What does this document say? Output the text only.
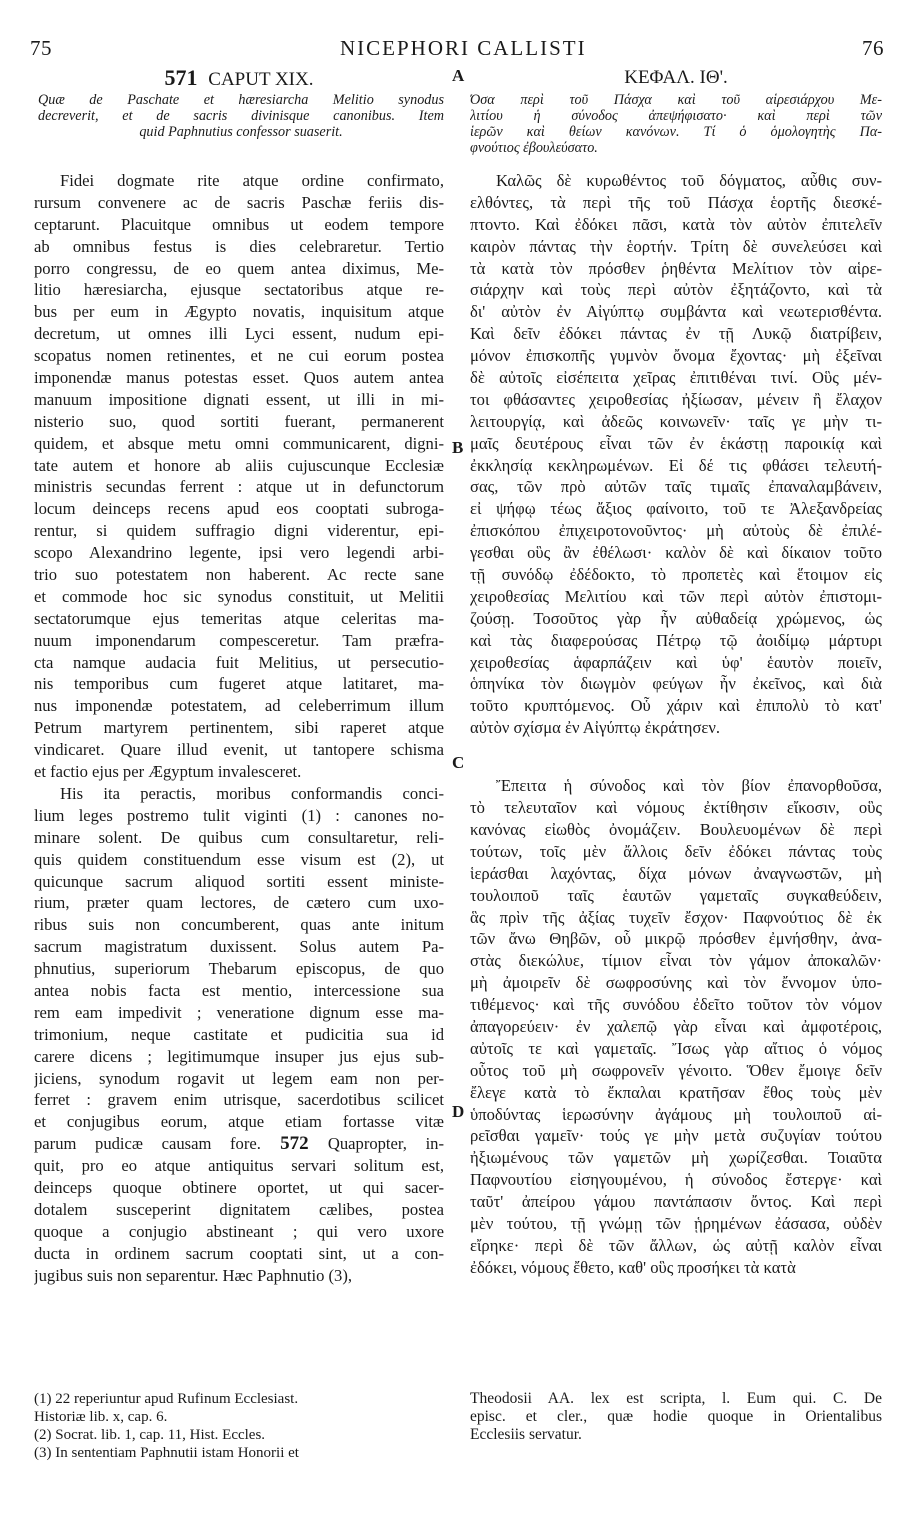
75	NICEPHORI CALLISTI	76
A
B
C
D
571 CAPUT XIX.

Quæ de Paschate et hæresiarcha Melitio synodus

decreverit, et de sacris divinisque canonibus. Item

quid Paphnutius confessor suaserit.

Fidei dogmate rite atque ordine confirmato,
rursum convenere ac de sacris Paschæ feriis dis-
ceptarunt. Placuitque omnibus ut eodem tempore
ab omnibus festus is dies celebraretur. Tertio
porro congressu, de eo quem antea diximus, Me-
litio hæresiarcha, ejusque sectatoribus atque re-
bus per eum in Ægypto novatis, inquisitum atque
decretum, ut omnes illi Lyci essent, nudum epi-
scopatus nomen retinentes, et ne cui eorum postea
imponendæ manus potestas esset. Quos autem antea
manuum impositione dignati essent, ut illi in mi-
nisterio suo, quod sortiti fuerant, permanerent
quidem, et absque metu omni communicarent, digni-
tate autem et honore ab aliis cujuscunque Ecclesiæ
ministris secundas ferrent : atque ut in defunctorum
locum deinceps recens apud eos cooptati subroga-
rentur, si quidem suffragio digni viderentur, epi-
scopo Alexandrino legente, ipsi vero legendi arbi-
trio suo potestatem non haberent. Ac recte sane
et commode hoc sic synodus constituit, ut Melitii
sectatorumque ejus temeritas atque celeritas ma-
nuum imponendarum compesceretur. Tam præfra-
cta namque audacia fuit Melitius, ut persecutio-
nis temporibus cum fugeret atque latitaret, ma-
nus imponendæ potestatem, ad celeberrimum illum
Petrum martyrem pertinentem, sibi raperet atque
vindicaret. Quare illud evenit, ut tantopere schisma
et factio ejus per Ægyptum invalesceret.
His ita peractis, moribus conformandis conci-
lium leges postremo tulit viginti (1) : canones no-
minare solent. De quibus cum consultaretur, reli-
quis quidem constituendum esse visum est (2), ut
quicunque sacrum aliquod sortiti essent ministe-
rium, præter quam lectores, de cætero cum uxo-
ribus suis non concumberent, quas ante initum
sacrum magistratum duxissent. Solus autem Pa-
phnutius, superiorum Thebarum episcopus, de quo
antea nobis facta est mentio, intercessione sua
rem eam impedivit ; veneratione dignum esse ma-
trimonium, neque castitate et pudicitia sua id
carere dicens ; legitimumque insuper jus ejus sub-
jiciens, synodum rogavit ut legem eam non per-
ferret : gravem enim utrisque, sacerdotibus scilicet
et conjugibus eorum, atque etiam fortasse vitæ
parum pudicæ causam fore. 572 Quapropter, in-
quit, pro eo atque antiquitus servari solitum est,
deinceps quoque obtinere oportet, ut qui sacer-
dotalem susceperint dignitatem cælibes, postea
quoque a conjugio abstineant ; qui vero uxore
ducta in ordinem sacrum cooptati sint, ut a con-
jugibus suis non separentur. Hæc Paphnutio (3),
ΚΕΦΑΛ. ΙΘ'.

Όσα περὶ τοῦ Πάσχα καὶ τοῦ αἱρεσιάρχου Με-

λιτίου ἡ σύνοδος ἀπεψήφισατο· καὶ περὶ τῶν

ἱερῶν καὶ θείων κανόνων. Τί ὁ ὁμολογητὴς Πα-

φνούτιος ἐβουλεύσατο.

Καλῶς δὲ κυρωθέντος τοῦ δόγματος, αὖθις συν-
ελθόντες, τὰ περὶ τῆς τοῦ Πάσχα ἑορτῆς διεσκέ-
πτοντο. Καὶ ἐδόκει πᾶσι, κατὰ τὸν αὐτὸν ἐπιτελεῖν
καιρὸν πάντας τὴν ἑορτήν. Τρίτη δὲ συνελεύσει καὶ
τὰ κατὰ τὸν πρόσθεν ῥηθέντα Μελίτιον τὸν αἱρε-
σιάρχην καὶ τοὺς περὶ αὐτὸν ἐξητάζοντο, καὶ τὰ
δι' αὐτὸν ἐν Αἰγύπτῳ συμβάντα καὶ νεωτερισθέντα.
Καὶ δεῖν ἐδόκει πάντας ἐν τῇ Λυκῷ διατρίβειν,
μόνον ἐπισκοπῆς γυμνὸν ὄνομα ἔχοντας· μὴ ἐξεῖναι
δὲ αὐτοῖς εἰσέπειτα χεῖρας ἐπιτιθέναι τινί. Οὓς μέν-
τοι φθάσαντες χειροθεσίας ἠξίωσαν, μένειν ἢ ἔλαχον
λειτουργίᾳ, καὶ ἀδεῶς κοινωνεῖν· ταῖς γε μὴν τι-
μαῖς δευτέρους εἶναι τῶν ἐν ἑκάστῃ παροικίᾳ καὶ
ἐκκλησίᾳ κεκληρωμένων. Εἰ δέ τις φθάσει τελευτή-
σας, τῶν πρὸ αὐτῶν ταῖς τιμαῖς ἐπαναλαμβάνειν,
εἰ ψήφῳ τέως ἄξιος φαίνοιτο, τοῦ τε Ἀλεξανδρείας
ἐπισκόπου ἐπιχειροτονοῦντος· μὴ αὐτοὺς δὲ ἐπιλέ-
γεσθαι οὓς ἂν ἐθέλωσι· καλὸν δὲ καὶ δίκαιον τοῦτο
τῇ συνόδῳ ἐδέδοκτο, τὸ προπετὲς καὶ ἕτοιμον εἰς
χειροθεσίας Μελιτίου καὶ τῶν περὶ αὐτὸν ἐπιστομι-
ζούσῃ. Τοσοῦτος γὰρ ἦν αὐθαδείᾳ χρώμενος, ὡς
καὶ τὰς διαφερούσας Πέτρῳ τῷ ἀοιδίμῳ μάρτυρι
χειροθεσίας ἁφαρπάζειν καὶ ὑφ' ἑαυτὸν ποιεῖν,
ὁπηνίκα τὸν διωγμὸν φεύγων ἦν ἐκεῖνος, καὶ διὰ
τοῦτο κρυπτόμενος. Οὗ χάριν καὶ ἐπιπολὺ τὸ κατ'
αὐτὸν σχίσμα ἐν Αἰγύπτῳ ἐκράτησεν.
Ἔπειτα ἡ σύνοδος καὶ τὸν βίον ἐπανορθοῦσα,
τὸ τελευταῖον καὶ νόμους ἐκτίθησιν εἴκοσιν, οὓς
κανόνας εἰωθὸς ὀνομάζειν. Βουλευομένων δὲ περὶ
τούτων, τοῖς μὲν ἄλλοις δεῖν ἐδόκει πάντας τοὺς
ἱεράσθαι λαχόντας, δίχα μόνων ἀναγνωστῶν, μὴ
τουλοιποῦ ταῖς ἑαυτῶν γαμεταῖς συγκαθεύδειν,
ἃς πρὶν τῆς ἀξίας τυχεῖν ἔσχον· Παφνούτιος δὲ ἐκ
τῶν ἄνω Θηβῶν, οὗ μικρῷ πρόσθεν ἐμνήσθην, ἀνα-
στὰς διεκώλυε, τίμιον εἶναι τὸν γάμον ἀποκαλῶν·
μὴ ἀμοιρεῖν δὲ σωφροσύνης καὶ τὸν ἔννομον ὑπο-
τιθέμενος· καὶ τῆς συνόδου ἐδεῖτο τοῦτον τὸν νόμον
ἀπαγορεύειν· ἐν χαλεπῷ γὰρ εἶναι καὶ ἀμφοτέροις,
αὐτοῖς τε καὶ γαμεταῖς. Ἴσως γὰρ αἴτιος ὁ νόμος
οὗτος τοῦ μὴ σωφρονεῖν γένοιτο. Ὅθεν ἔμοιγε δεῖν
ἔλεγε κατὰ τὸ ἔκπαλαι κρατῆσαν ἔθος τοὺς μὲν
ὑποδύντας ἱερωσύνην ἀγάμους μὴ τουλοιποῦ αἱ-
ρεῖσθαι γαμεῖν· τούς γε μὴν μετὰ συζυγίαν τούτου
ἠξιωμένους τῶν γαμετῶν μὴ χωρίζεσθαι. Τοιαῦτα
Παφνουτίου εἰσηγουμένου, ἡ σύνοδος ἔστεργε· καὶ
ταῦτ' ἀπείρου γάμου παντάπασιν ὄντος. Καὶ περὶ
μὲν τούτου, τῇ γνώμῃ τῶν ᾑρημένων ἐάσασα, οὐδὲν
εἴρηκε· περὶ δὲ τῶν ἄλλων, ὡς αὐτῇ καλὸν εἶναι
ἐδόκει, νόμους ἔθετο, καθ' οὓς προσήκει τὰ κατὰ
(1) 22 reperiuntur apud Rufinum Ecclesiast.
Historiæ lib. x, cap. 6.
(2) Socrat. lib. 1, cap. 11, Hist. Eccles.
(3) In sententiam Paphnutii istam Honorii et
Theodosii AA. lex est scripta, l. Eum qui. C. De
episc. et cler., quæ hodie quoque in Orientalibus
Ecclesiis servatur.
